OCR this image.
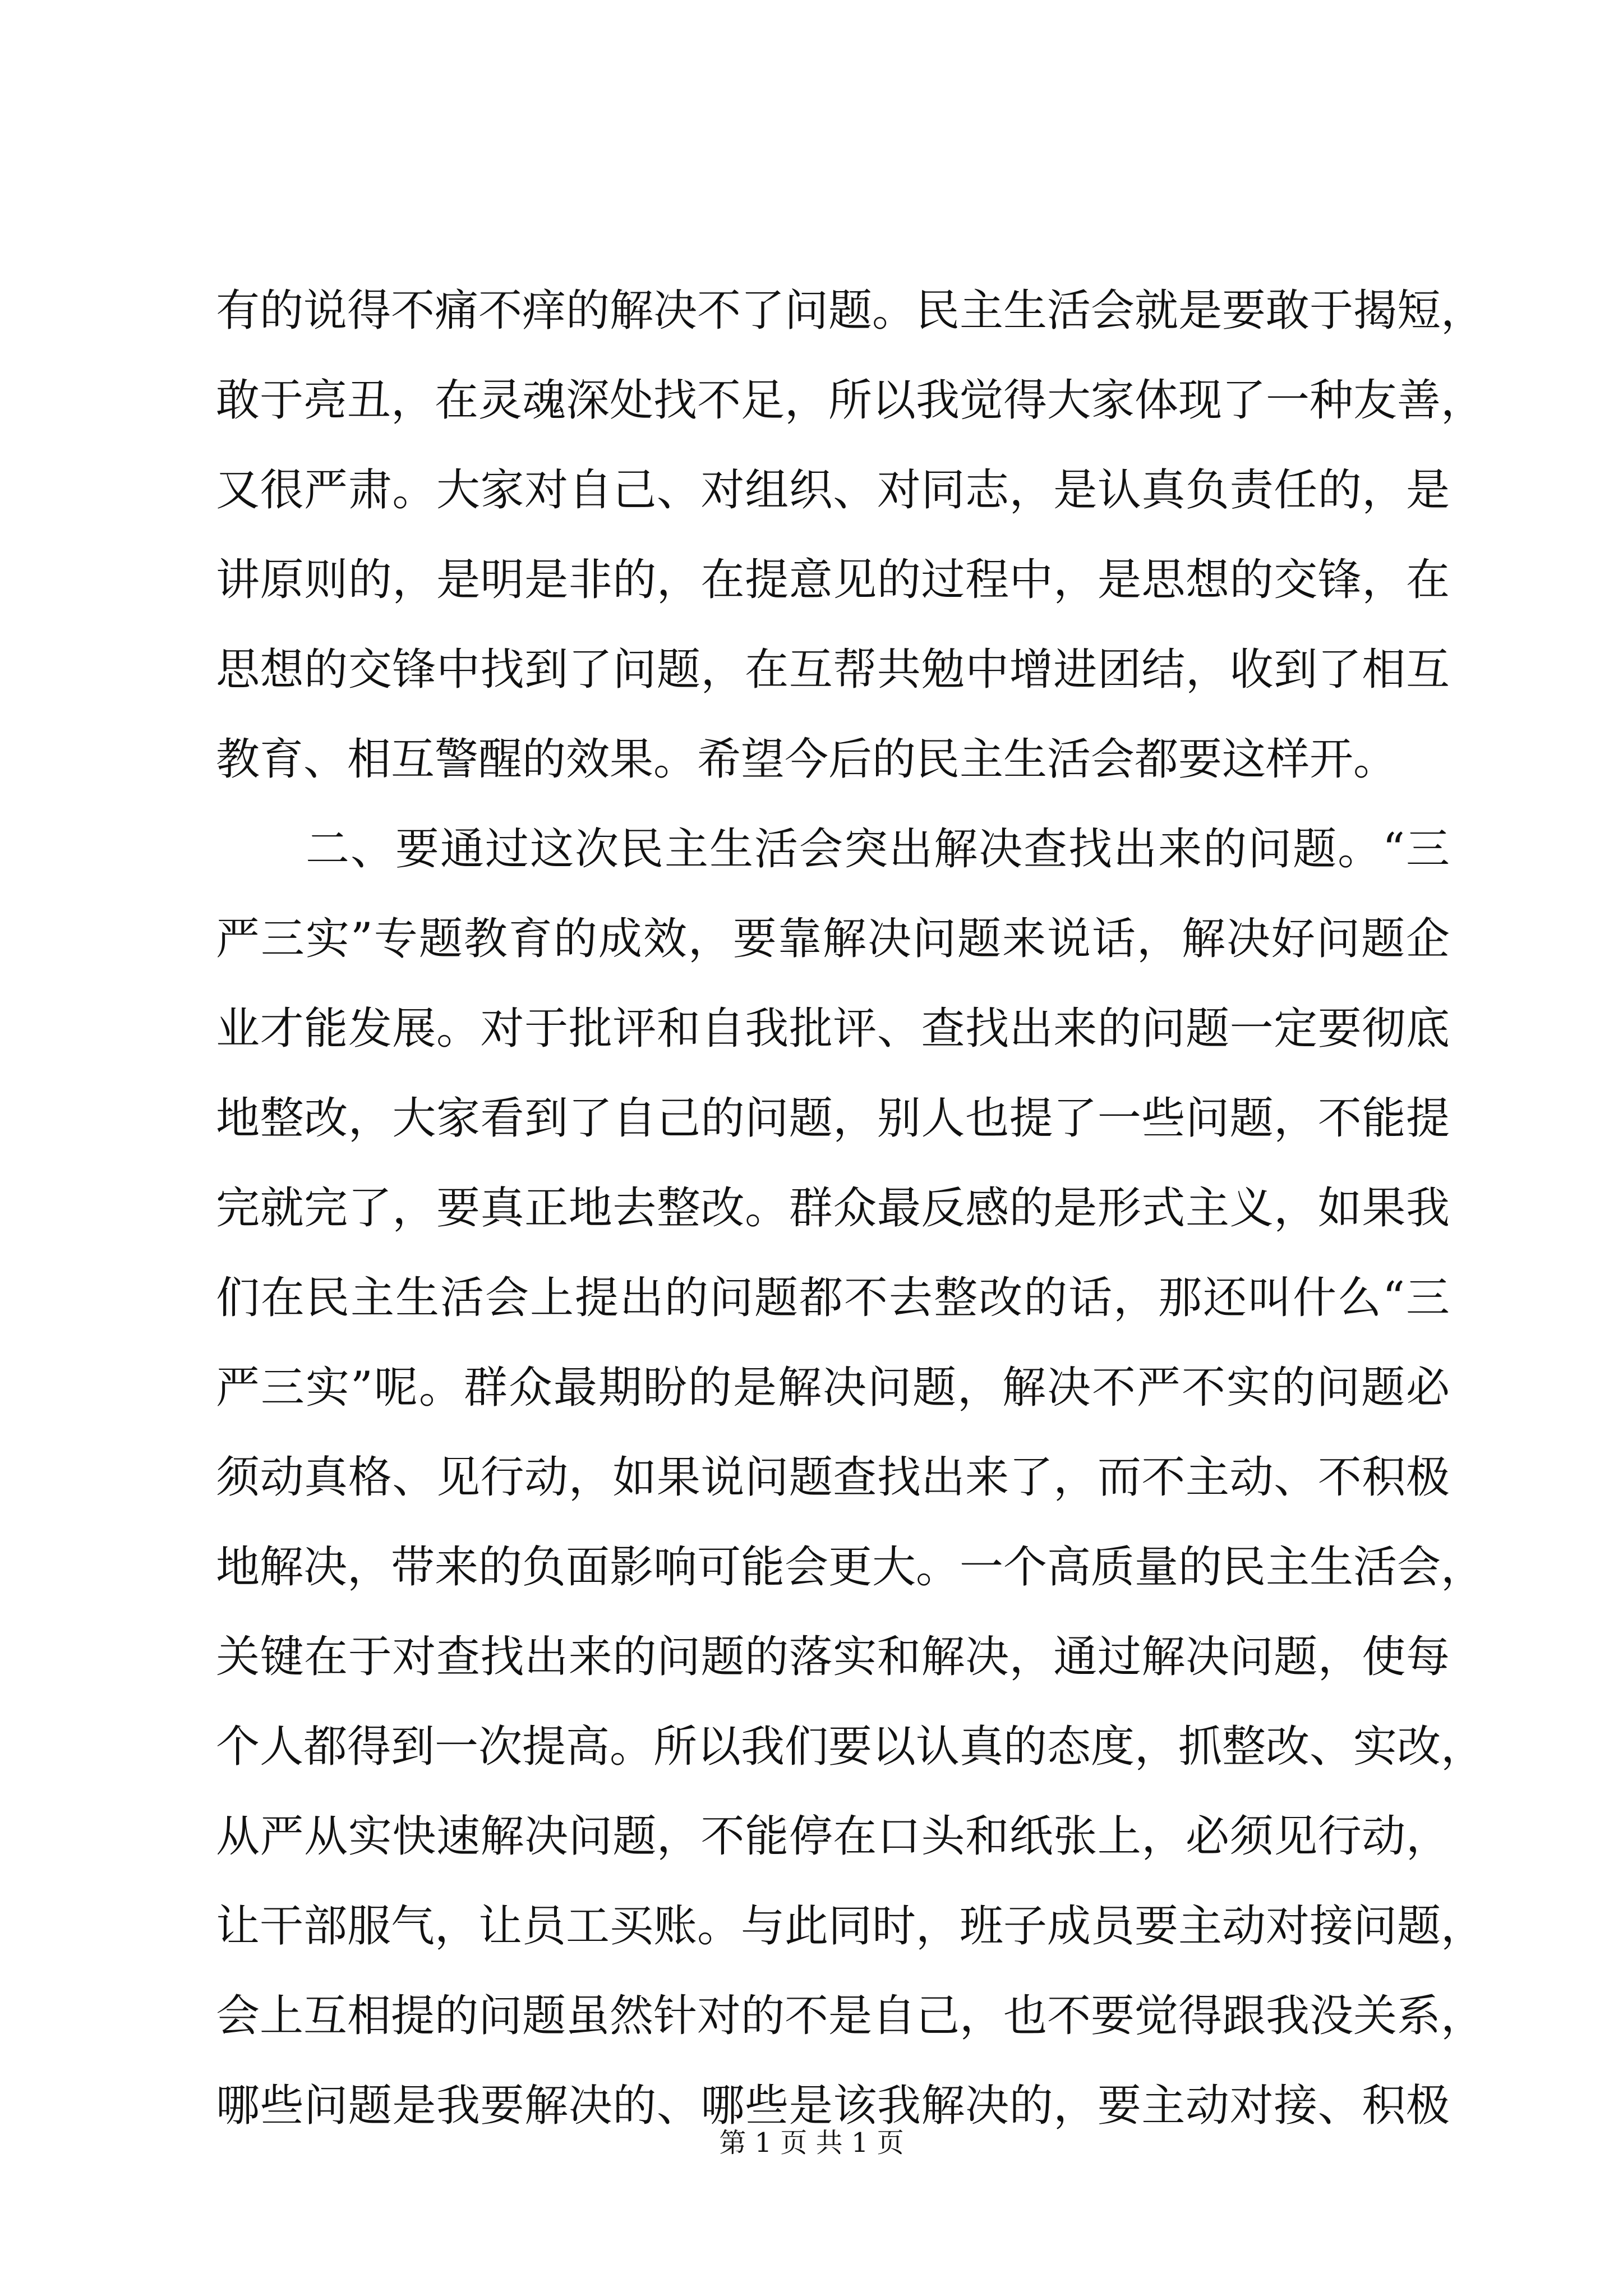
有的说得不痛不痒的解决不了问题。民主生活会就是要敢于揭短，
敢于亮丑，在灵魂深处找不足，所以我觉得大家体现了一种友善，
又很严肃。大家对自己、对组织、对同志，是认真负责任的，是
讲原则的，是明是非的，在提意见的过程中，是思想的交锋，在
思想的交锋中找到了问题，在互帮共勉中增进团结，收到了相互
教育、相互警醒的效果。希望今后的民主生活会都要这样开。
　　二、要通过这次民主生活会突出解决查找出来的问题。“三
严三实”专题教育的成效，要靠解决问题来说话，解决好问题企
业才能发展。对于批评和自我批评、查找出来的问题一定要彻底
地整改，大家看到了自己的问题，别人也提了一些问题，不能提
完就完了，要真正地去整改。群众最反感的是形式主义，如果我
们在民主生活会上提出的问题都不去整改的话，那还叫什么“三
严三实”呢。群众最期盼的是解决问题，解决不严不实的问题必
须动真格、见行动，如果说问题查找出来了，而不主动、不积极
地解决，带来的负面影响可能会更大。一个高质量的民主生活会，
关键在于对查找出来的问题的落实和解决，通过解决问题，使每
个人都得到一次提高。所以我们要以认真的态度，抓整改、实改，
从严从实快速解决问题，不能停在口头和纸张上，必须见行动，
让干部服气，让员工买账。与此同时，班子成员要主动对接问题，
会上互相提的问题虽然针对的不是自己，也不要觉得跟我没关系，
哪些问题是我要解决的、哪些是该我解决的，要主动对接、积极
第 1 页 共 1 页
